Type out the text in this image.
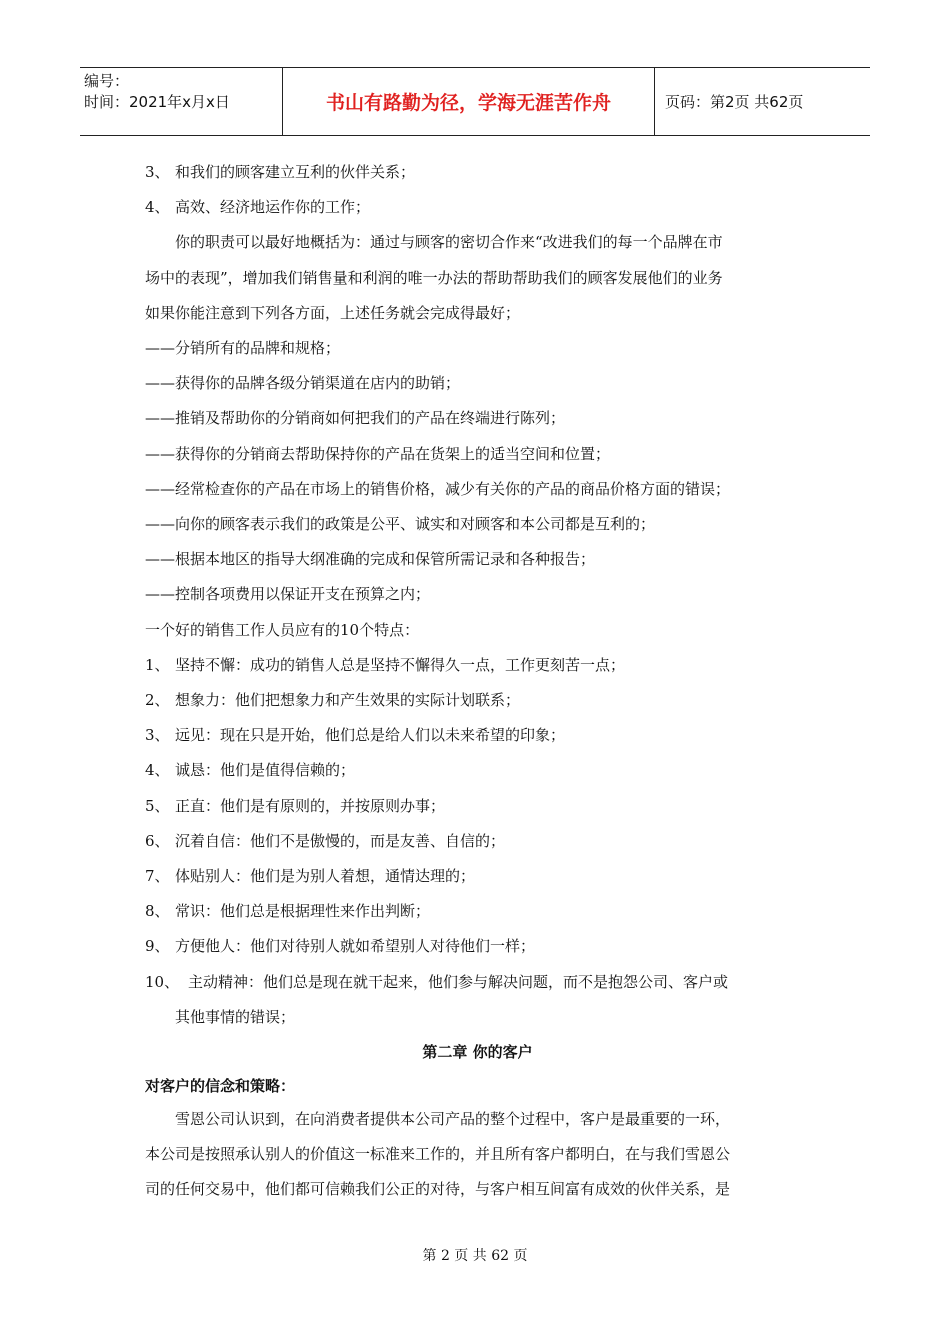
编号：
时间：2021年x月x日	书山有路勤为径，学海无涯苦作舟	页码：第2页 共62页
3、 和我们的顾客建立互利的伙伴关系；
4、 高效、经济地运作你的工作；
你的职责可以最好地概括为：通过与顾客的密切合作来“改进我们的每一个品牌在市
场中的表现”，增加我们销售量和利润的唯一办法的帮助帮助我们的顾客发展他们的业务
如果你能注意到下列各方面，上述任务就会完成得最好；
——分销所有的品牌和规格；
——获得你的品牌各级分销渠道在店内的助销；
——推销及帮助你的分销商如何把我们的产品在终端进行陈列；
——获得你的分销商去帮助保持你的产品在货架上的适当空间和位置；
——经常检查你的产品在市场上的销售价格，减少有关你的产品的商品价格方面的错误；
——向你的顾客表示我们的政策是公平、诚实和对顾客和本公司都是互利的；
——根据本地区的指导大纲准确的完成和保管所需记录和各种报告；
——控制各项费用以保证开支在预算之内；
一个好的销售工作人员应有的10个特点：
1、 坚持不懈：成功的销售人总是坚持不懈得久一点，工作更刻苦一点；
2、 想象力：他们把想象力和产生效果的实际计划联系；
3、 远见：现在只是开始，他们总是给人们以未来希望的印象；
4、 诚恳：他们是值得信赖的；
5、 正直：他们是有原则的，并按原则办事；
6、 沉着自信：他们不是傲慢的，而是友善、自信的；
7、 体贴别人：他们是为别人着想，通情达理的；
8、 常识：他们总是根据理性来作出判断；
9、 方便他人：他们对待别人就如希望别人对待他们一样；
10、 主动精神：他们总是现在就干起来，他们参与解决问题，而不是抱怨公司、客户或
其他事情的错误；
第二章 你的客户
对客户的信念和策略：
雪恩公司认识到，在向消费者提供本公司产品的整个过程中，客户是最重要的一环，
本公司是按照承认别人的价值这一标准来工作的，并且所有客户都明白，在与我们雪恩公
司的任何交易中，他们都可信赖我们公正的对待，与客户相互间富有成效的伙伴关系，是
第 2 页 共 62 页
